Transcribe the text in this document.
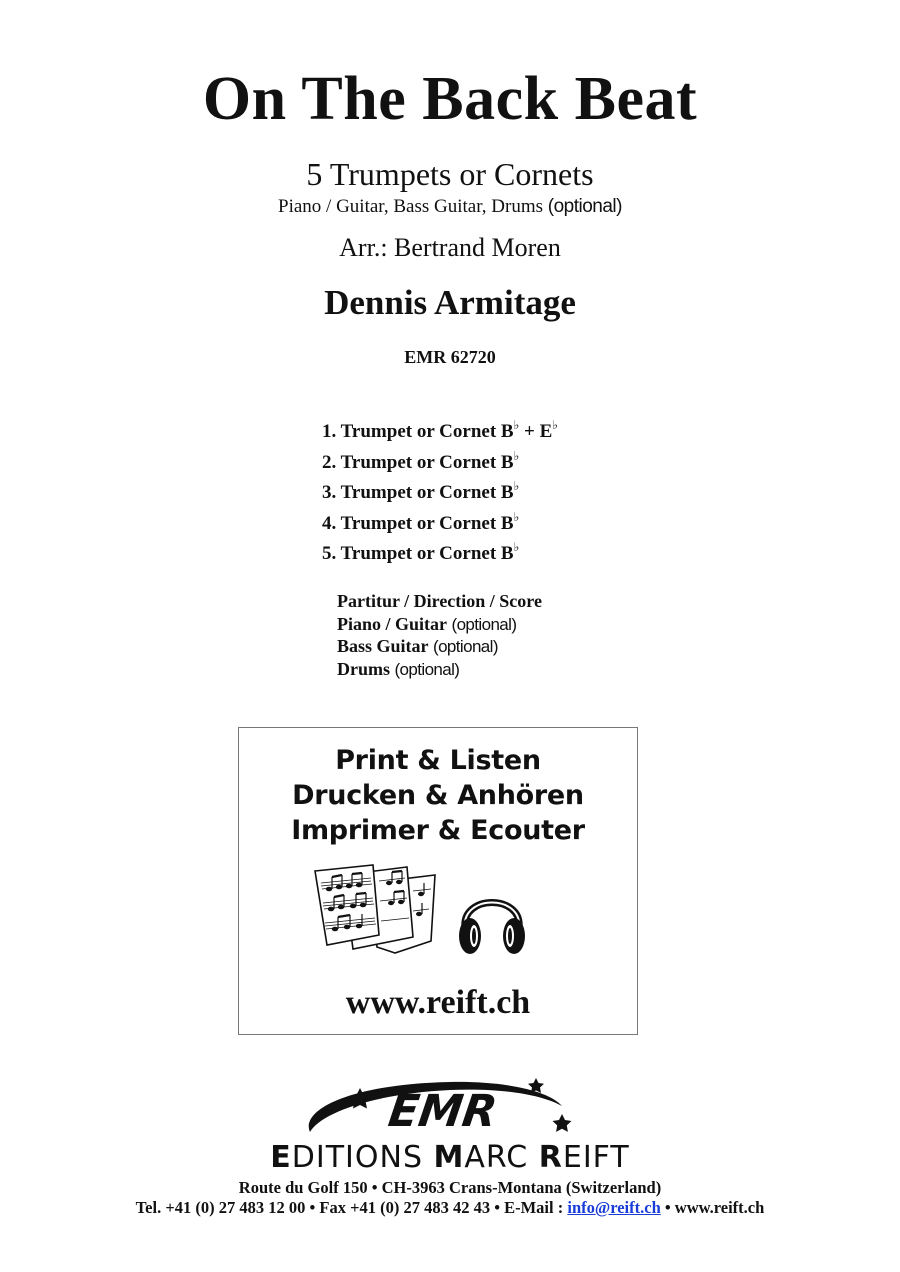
On The Back Beat
5 Trumpets or Cornets
Piano / Guitar, Bass Guitar, Drums (optional)
Arr.: Bertrand Moren
Dennis Armitage
EMR 62720
1. Trumpet or Cornet B♭ + E♭
2. Trumpet or Cornet B♭
3. Trumpet or Cornet B♭
4. Trumpet or Cornet B♭
5. Trumpet or Cornet B♭
Partitur / Direction / Score
Piano / Guitar (optional)
Bass Guitar (optional)
Drums (optional)
Print & Listen
Drucken & Anhören
Imprimer & Ecouter
www.reift.ch
EMR
EDITIONS MARC REIFT
Route du Golf 150 • CH-3963 Crans-Montana (Switzerland)
Tel. +41 (0) 27 483 12 00 • Fax +41 (0) 27 483 42 43 • E-Mail : info@reift.ch • www.reift.ch
